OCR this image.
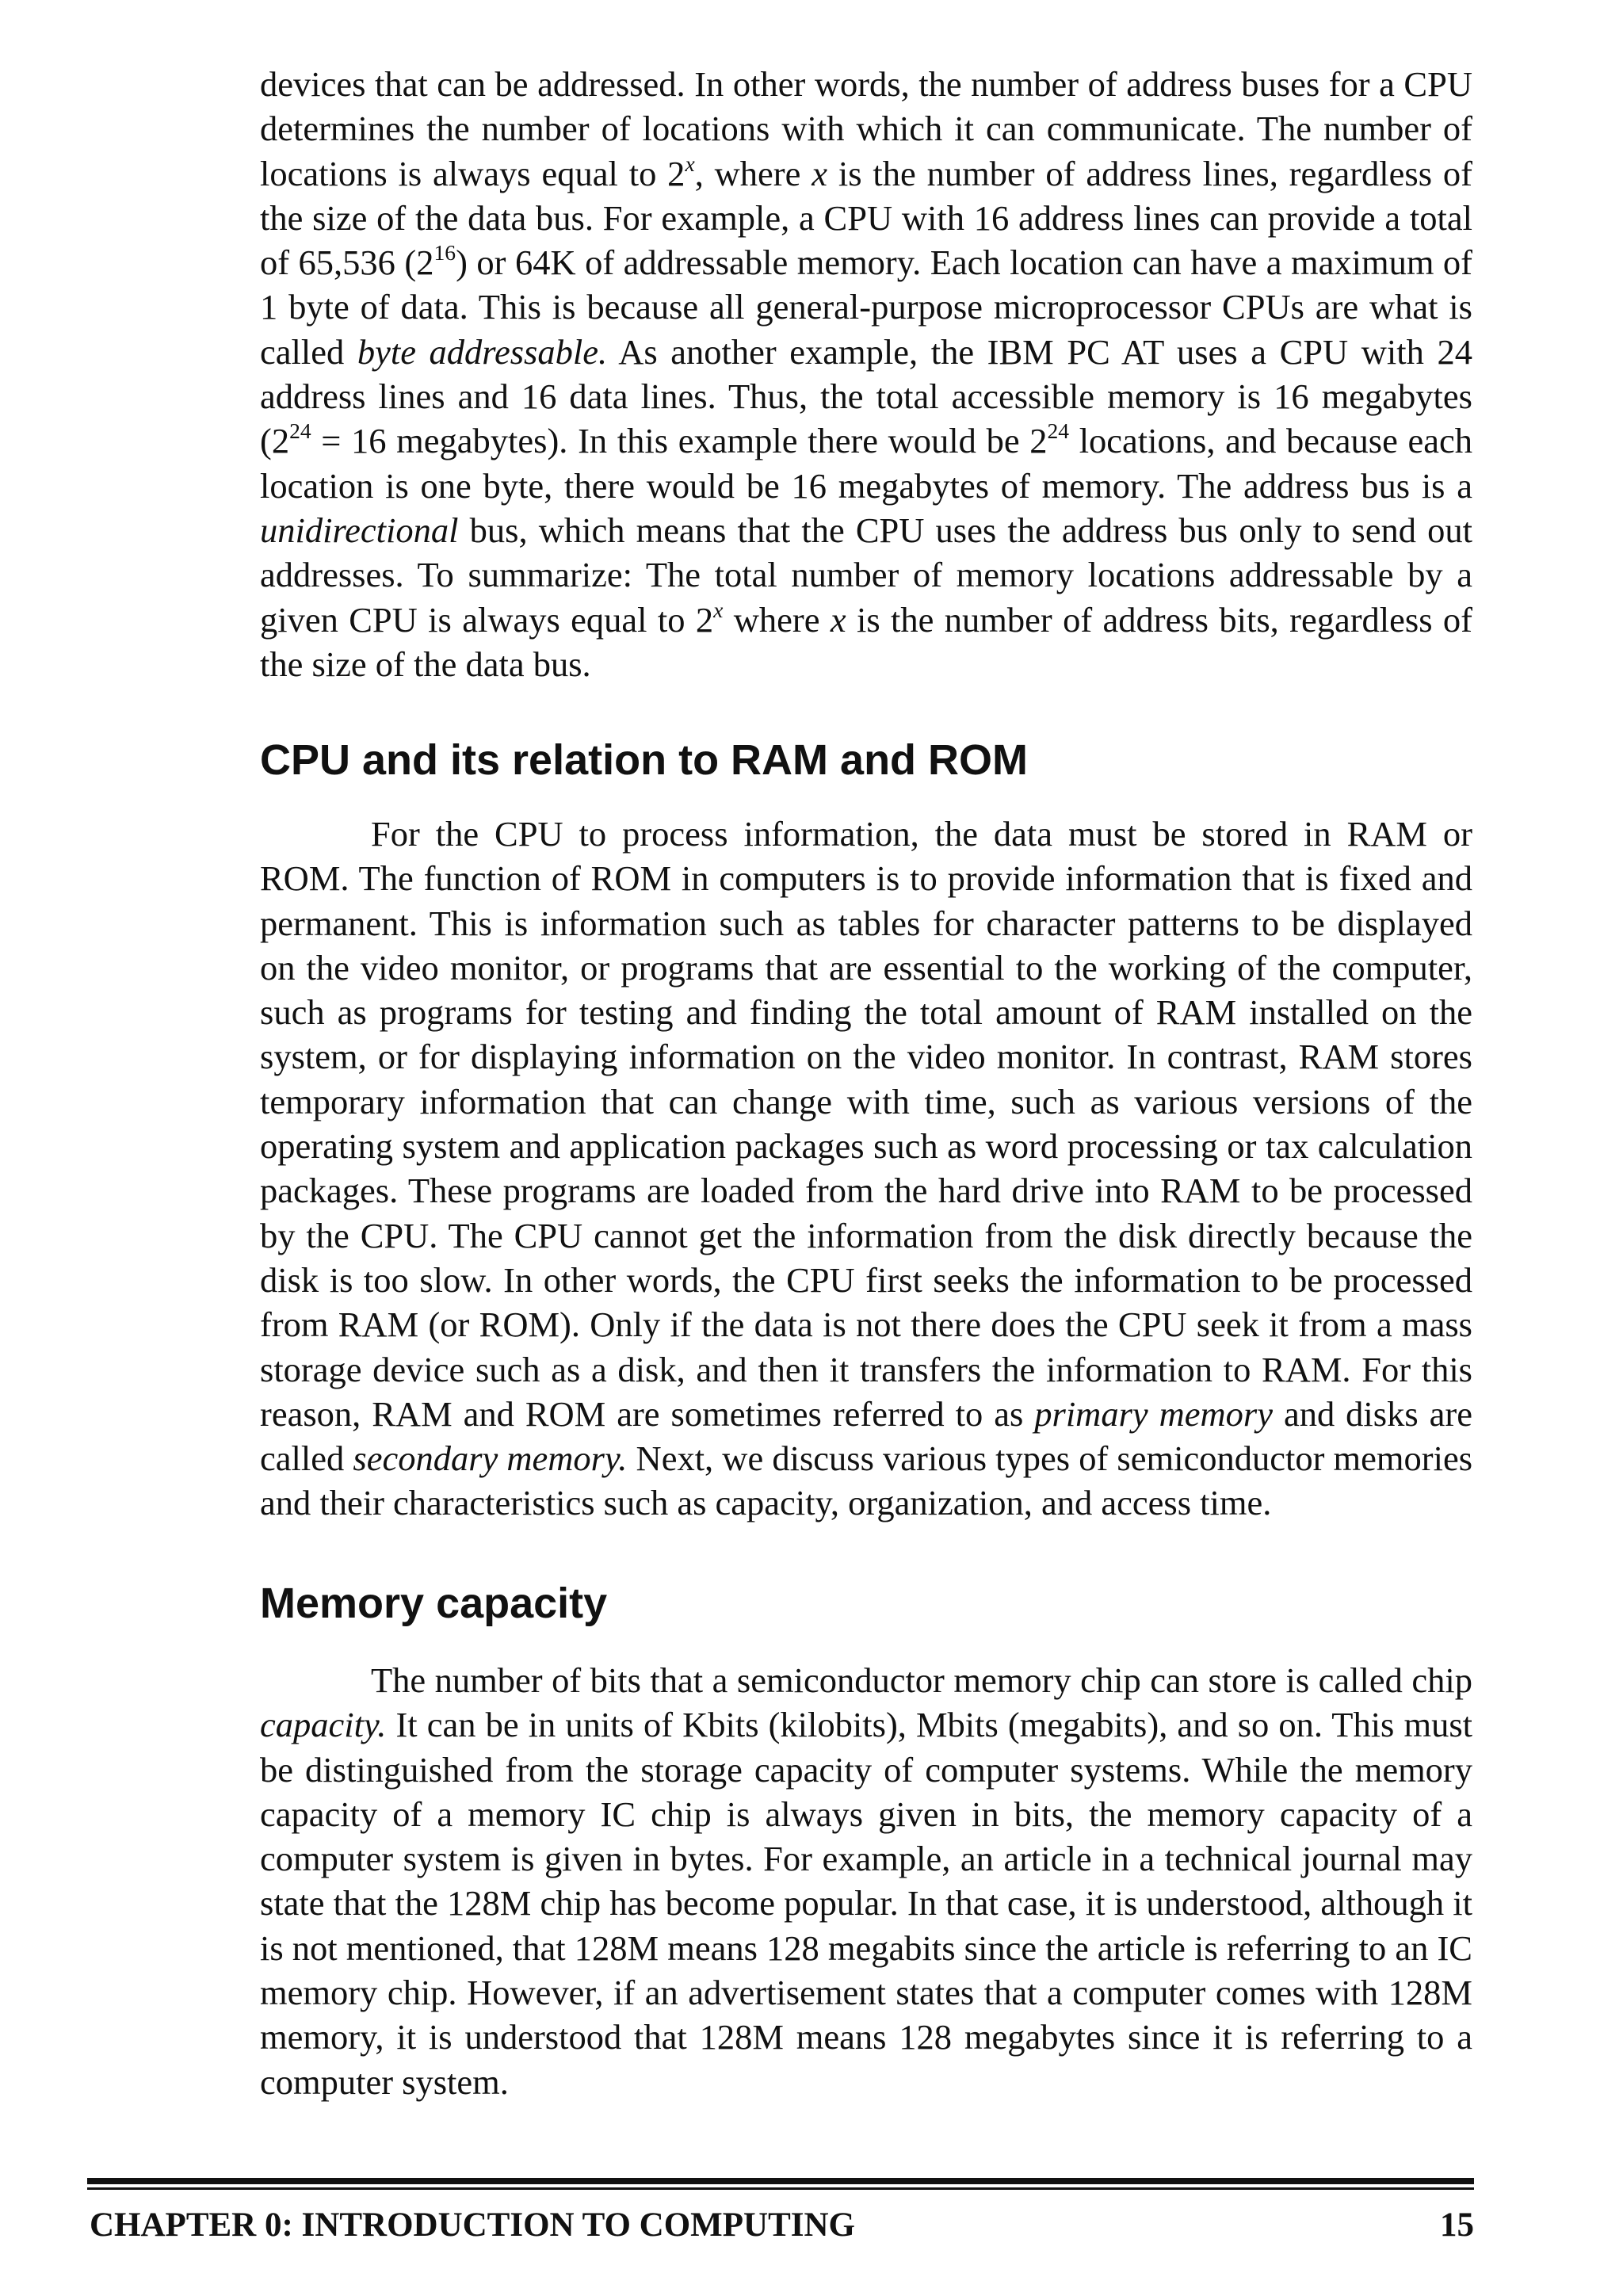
devices that can be addressed. In other words, the number of address buses for a CPU determines the number of locations with which it can communicate. The number of locations is always equal to 2$^x$, where x is the number of address lines, regardless of the size of the data bus. For example, a CPU with 16 address lines can provide a total of 65,536 $(2^{16})$ or 64K of addressable memory. Each location can have a maximum of 1 byte of data. This is because all general-purpose microprocessor CPUs are what is called byte addressable. As another example, the IBM PC AT uses a CPU with 24 address lines and 16 data lines. Thus, the total accessible memory is 16 megabytes ($2^{24} = 16$ megabytes). In this example there would be $2^{24}$ locations, and because each location is one byte, there would be 16 megabytes of memory. The address bus is a unidirectional bus, which means that the CPU uses the address bus only to send out addresses. To summarize: The total number of memory locations addressable by a given CPU is always equal to 2$^x$ where x is the number of address bits, regardless of the size of the data bus.

CPU and its relation to RAM and ROM

For the CPU to process information, the data must be stored in RAM or ROM. The function of ROM in computers is to provide information that is fixed and permanent. This is information such as tables for character patterns to be displayed on the video monitor, or programs that are essential to the working of the computer, such as programs for testing and finding the total amount of RAM installed on the system, or for displaying information on the video monitor. In contrast, RAM stores temporary information that can change with time, such as various versions of the operating system and application packages such as word processing or tax calculation packages. These programs are loaded from the hard drive into RAM to be processed by the CPU. The CPU cannot get the information from the disk directly because the disk is too slow. In other words, the CPU first seeks the information to be processed from RAM (or ROM). Only if the data is not there does the CPU seek it from a mass storage device such as a disk, and then it transfers the information to RAM. For this reason, RAM and ROM are sometimes referred to as primary memory and disks are called secondary memory. Next, we discuss various types of semiconductor memories and their characteristics such as capacity, organization, and access time.

Memory capacity

The number of bits that a semiconductor memory chip can store is called chip capacity. It can be in units of Kbits (kilobits), Mbits (megabits), and so on. This must be distinguished from the storage capacity of computer systems. While the memory capacity of a memory IC chip is always given in bits, the memory capacity of a computer system is given in bytes. For example, an article in a technical journal may state that the 128M chip has become popular. In that case, it is understood, although it is not mentioned, that 128M means 128 megabits since the article is referring to an IC memory chip. However, if an advertisement states that a computer comes with 128M memory, it is understood that 128M means 128 megabytes since it is referring to a computer system.

CHAPTER 0: INTRODUCTION TO COMPUTING	15
